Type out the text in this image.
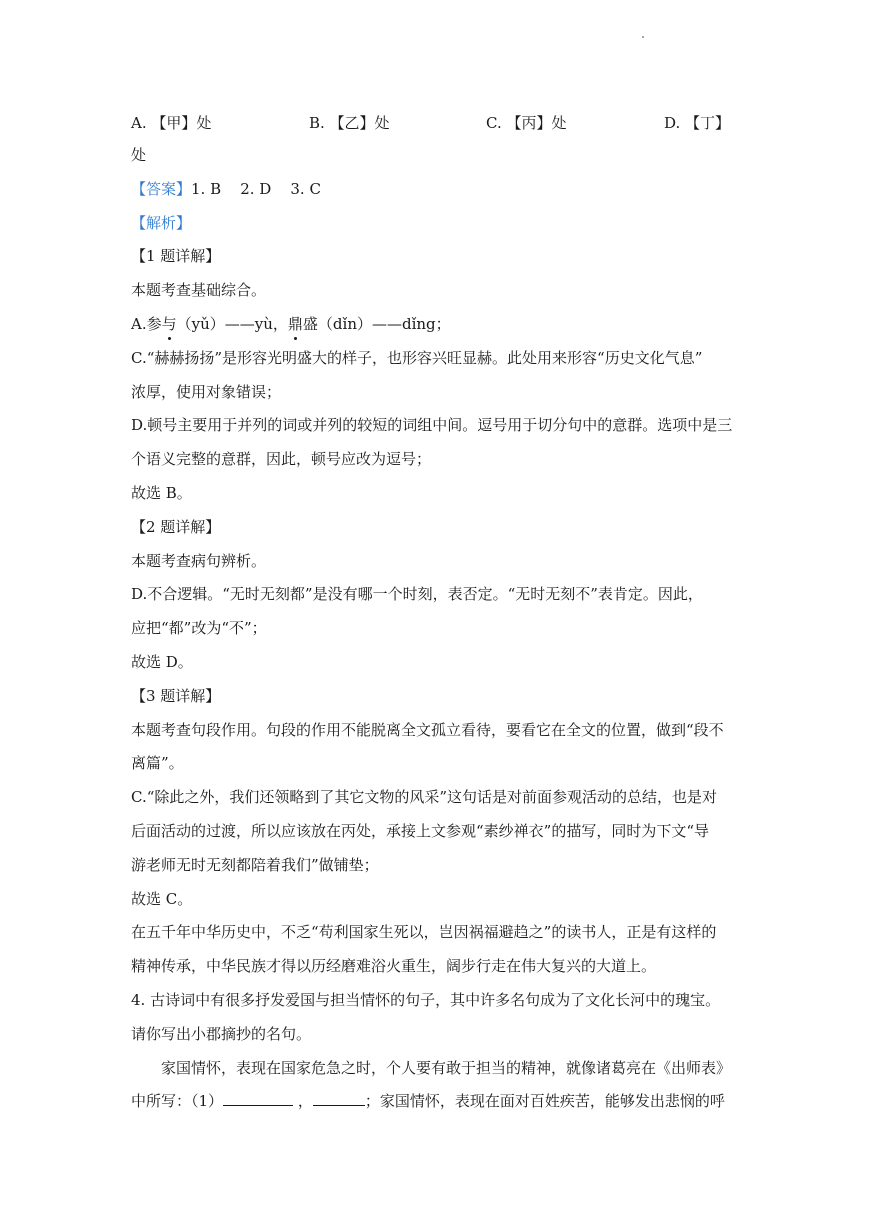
A. 【甲】处	B. 【乙】处	C. 【丙】处	D. 【丁】
处
【答案】1. B    2. D    3. C
【解析】
【1 题详解】
本题考查基础综合。
A.参与（yǔ）——yù，鼎盛（dǐn）——dǐng；
C.“赫赫扬扬”是形容光明盛大的样子，也形容兴旺显赫。此处用来形容“历史文化气息”
浓厚，使用对象错误；
D.顿号主要用于并列的词或并列的较短的词组中间。逗号用于切分句中的意群。选项中是三
个语义完整的意群，因此，顿号应改为逗号；
故选 B。
【2 题详解】
本题考查病句辨析。
D.不合逻辑。“无时无刻都”是没有哪一个时刻，表否定。“无时无刻不”表肯定。因此，
应把“都”改为“不”；
故选 D。
【3 题详解】
本题考查句段作用。句段的作用不能脱离全文孤立看待，要看它在全文的位置，做到“段不
离篇”。
C.“除此之外，我们还领略到了其它文物的风采”这句话是对前面参观活动的总结，也是对
后面活动的过渡，所以应该放在丙处，承接上文参观“素纱禅衣”的描写，同时为下文“导
游老师无时无刻都陪着我们”做铺垫；
故选 C。
在五千年中华历史中，不乏“苟利国家生死以，岂因祸福避趋之”的读书人，正是有这样的
精神传承，中华民族才得以历经磨难浴火重生，阔步行走在伟大复兴的大道上。
4. 古诗词中有很多抒发爱国与担当情怀的句子，其中许多名句成为了文化长河中的瑰宝。
请你写出小郡摘抄的名句。
家国情怀，表现在国家危急之时，个人要有敢于担当的精神，就像诸葛亮在《出师表》
中所写：（1）	，	；家国情怀，表现在面对百姓疾苦，能够发出悲悯的呼
